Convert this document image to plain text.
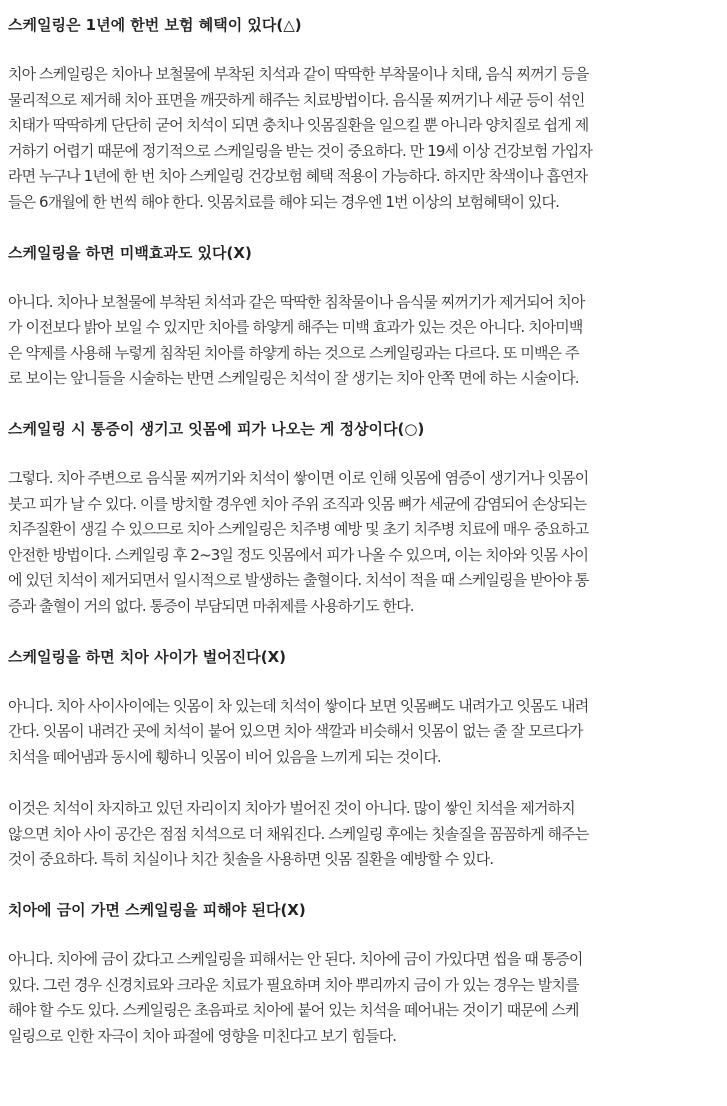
스케일링은 1년에 한번 보험 혜택이 있다(△)
치아 스케일링은 치아나 보철물에 부착된 치석과 같이 딱딱한 부착물이나 치태, 음식 찌꺼기 등을
물리적으로 제거해 치아 표면을 깨끗하게 해주는 치료방법이다. 음식물 찌꺼기나 세균 등이 섞인
치태가 딱딱하게 단단히 굳어 치석이 되면 충치나 잇몸질환을 일으킬 뿐 아니라 양치질로 쉽게 제
거하기 어렵기 때문에 정기적으로 스케일링을 받는 것이 중요하다. 만 19세 이상 건강보험 가입자
라면 누구나 1년에 한 번 치아 스케일링 건강보험 혜택 적용이 가능하다. 하지만 착색이나 흡연자
들은 6개월에 한 번씩 해야 한다. 잇몸치료를 해야 되는 경우엔 1번 이상의 보험혜택이 있다.
스케일링을 하면 미백효과도 있다(X)
아니다. 치아나 보철물에 부착된 치석과 같은 딱딱한 침착물이나 음식물 찌꺼기가 제거되어 치아
가 이전보다 밝아 보일 수 있지만 치아를 하얗게 해주는 미백 효과가 있는 것은 아니다. 치아미백
은 약제를 사용해 누렇게 침착된 치아를 하얗게 하는 것으로 스케일링과는 다르다. 또 미백은 주
로 보이는 앞니들을 시술하는 반면 스케일링은 치석이 잘 생기는 치아 안쪽 면에 하는 시술이다.
스케일링 시 통증이 생기고 잇몸에 피가 나오는 게 정상이다(○)
그렇다. 치아 주변으로 음식물 찌꺼기와 치석이 쌓이면 이로 인해 잇몸에 염증이 생기거나 잇몸이
붓고 피가 날 수 있다. 이를 방치할 경우엔 치아 주위 조직과 잇몸 뼈가 세균에 감염되어 손상되는
치주질환이 생길 수 있으므로 치아 스케일링은 치주병 예방 및 초기 치주병 치료에 매우 중요하고
안전한 방법이다. 스케일링 후 2~3일 정도 잇몸에서 피가 나올 수 있으며, 이는 치아와 잇몸 사이
에 있던 치석이 제거되면서 일시적으로 발생하는 출혈이다. 치석이 적을 때 스케일링을 받아야 통
증과 출혈이 거의 없다. 통증이 부담되면 마취제를 사용하기도 한다.
스케일링을 하면 치아 사이가 벌어진다(X)
아니다. 치아 사이사이에는 잇몸이 차 있는데 치석이 쌓이다 보면 잇몸뼈도 내려가고 잇몸도 내려
간다. 잇몸이 내려간 곳에 치석이 붙어 있으면 치아 색깔과 비슷해서 잇몸이 없는 줄 잘 모르다가
치석을 떼어냄과 동시에 휑하니 잇몸이 비어 있음을 느끼게 되는 것이다.
이것은 치석이 차지하고 있던 자리이지 치아가 벌어진 것이 아니다. 많이 쌓인 치석을 제거하지
않으면 치아 사이 공간은 점점 치석으로 더 채워진다. 스케일링 후에는 칫솔질을 꼼꼼하게 해주는
것이 중요하다. 특히 치실이나 치간 칫솔을 사용하면 잇몸 질환을 예방할 수 있다.
치아에 금이 가면 스케일링을 피해야 된다(X)
아니다. 치아에 금이 갔다고 스케일링을 피해서는 안 된다. 치아에 금이 가있다면 씹을 때 통증이
있다. 그런 경우 신경치료와 크라운 치료가 필요하며 치아 뿌리까지 금이 가 있는 경우는 발치를
해야 할 수도 있다. 스케일링은 초음파로 치아에 붙어 있는 치석을 떼어내는 것이기 때문에 스케
일링으로 인한 자극이 치아 파절에 영향을 미친다고 보기 힘들다.
